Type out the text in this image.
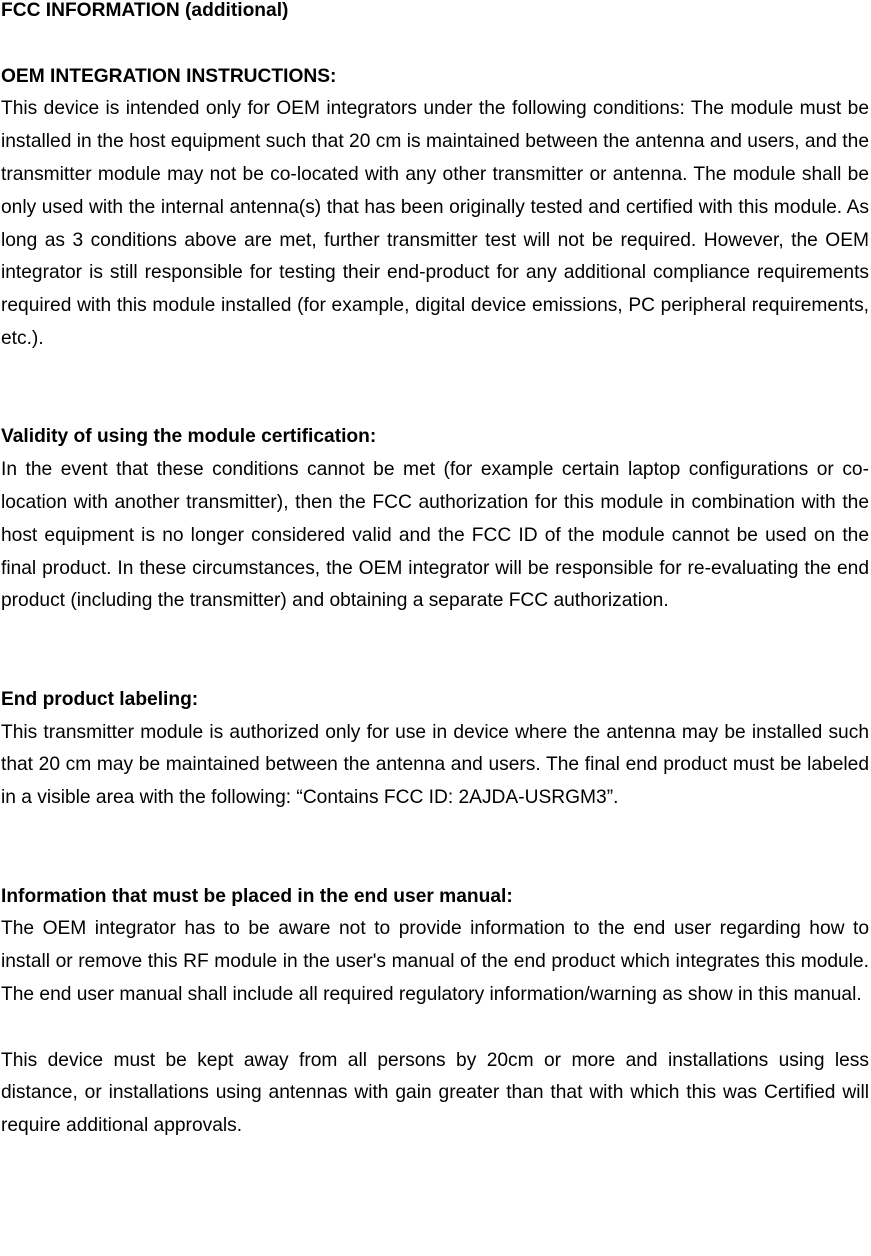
FCC INFORMATION (additional)

OEM INTEGRATION INSTRUCTIONS:

This device is intended only for OEM integrators under the following conditions: The module must be installed in the host equipment such that 20 cm is maintained between the antenna and users, and the transmitter module may not be co-located with any other transmitter or antenna. The module shall be only used with the internal antenna(s) that has been originally tested and certified with this module. As long as 3 conditions above are met, further transmitter test will not be required. However, the OEM integrator is still responsible for testing their end-product for any additional compliance requirements required with this module installed (for example, digital device emissions, PC peripheral requirements, etc.).

Validity of using the module certification:

In the event that these conditions cannot be met (for example certain laptop configurations or co-location with another transmitter), then the FCC authorization for this module in combination with the host equipment is no longer considered valid and the FCC ID of the module cannot be used on the final product. In these circumstances, the OEM integrator will be responsible for re-evaluating the end product (including the transmitter) and obtaining a separate FCC authorization.

End product labeling:

This transmitter module is authorized only for use in device where the antenna may be installed such that 20 cm may be maintained between the antenna and users. The final end product must be labeled in a visible area with the following: “Contains FCC ID: 2AJDA-USRGM3”.

Information that must be placed in the end user manual:

The OEM integrator has to be aware not to provide information to the end user regarding how to install or remove this RF module in the user's manual of the end product which integrates this module. The end user manual shall include all required regulatory information/warning as show in this manual.

This device must be kept away from all persons by 20cm or more and installations using less distance, or installations using antennas with gain greater than that with which this was Certified will require additional approvals.
